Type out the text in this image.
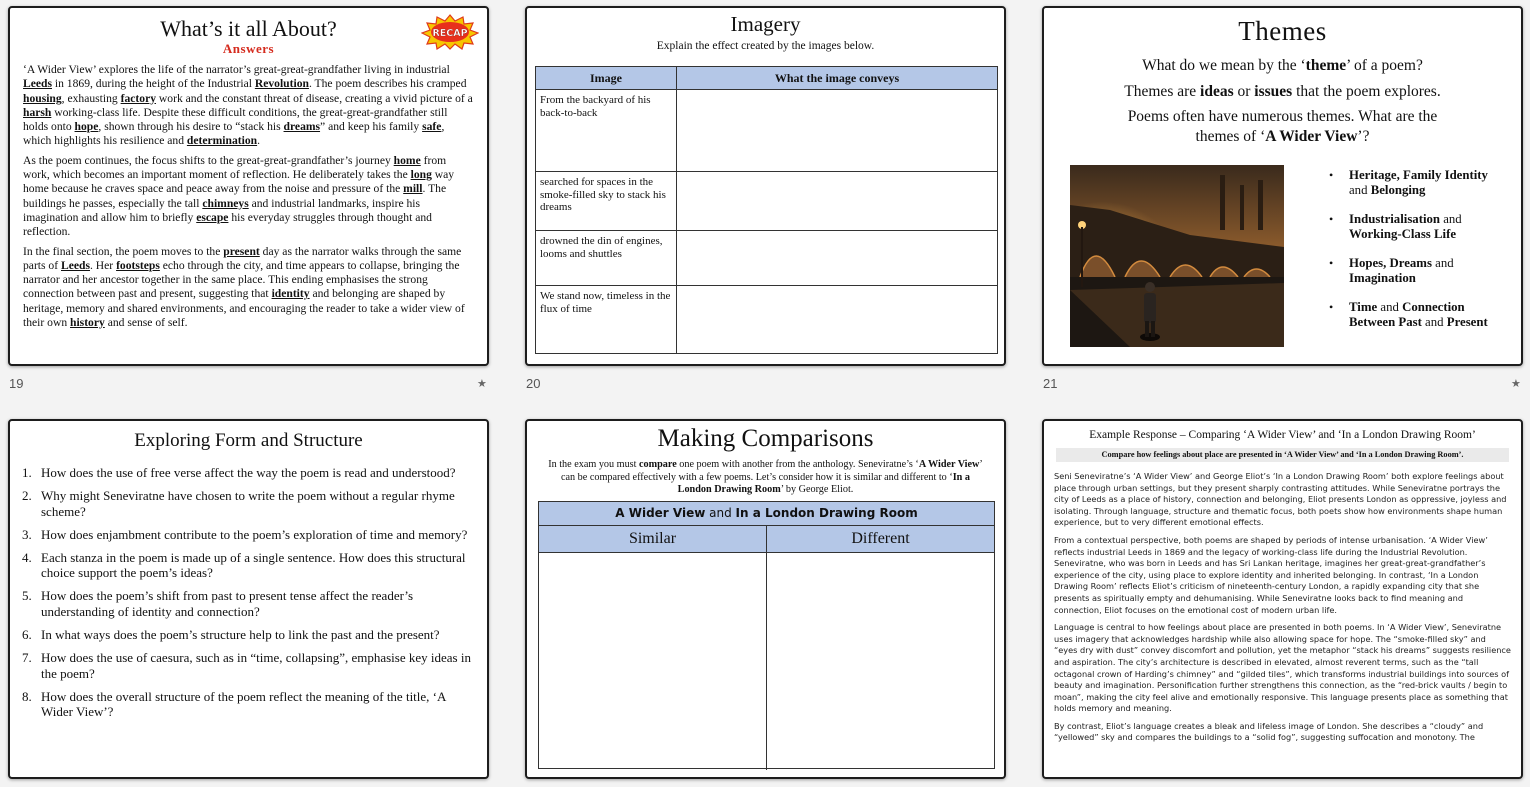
What’s it all About?
Answers
RECAP

‘A Wider View’ explores the life of the narrator’s great-great-grandfather living in industrial Leeds in 1869, during the height of the Industrial Revolution. The poem describes his cramped housing, exhausting factory work and the constant threat of disease, creating a vivid picture of a harsh working-class life. Despite these difficult conditions, the great-great-grandfather still holds onto hope, shown through his desire to “stack his dreams” and keep his family safe, which highlights his resilience and determination.

As the poem continues, the focus shifts to the great-great-grandfather’s journey home from work, which becomes an important moment of reflection. He deliberately takes the long way home because he craves space and peace away from the noise and pressure of the mill. The buildings he passes, especially the tall chimneys and industrial landmarks, inspire his imagination and allow him to briefly escape his everyday struggles through thought and reflection.

In the final section, the poem moves to the present day as the narrator walks through the same parts of Leeds. Her footsteps echo through the city, and time appears to collapse, bringing the narrator and her ancestor together in the same place. This ending emphasises the strong connection between past and present, suggesting that identity and belonging are shaped by heritage, memory and shared environments, and encouraging the reader to take a wider view of their own history and sense of self.

19	★
Imagery
Explain the effect created by the images below.
Image	What the image conveys
From the backyard of his back-to-back	
searched for spaces in the smoke-filled sky to stack his dreams	
drowned the din of engines, looms and shuttles	
We stand now, timeless in the flux of time	
20
Themes
What do we mean by the ‘theme’ of a poem?
Themes are ideas or issues that the poem explores.
Poems often have numerous themes. What are the themes of ‘A Wider View’?
• Heritage, Family Identity and Belonging
• Industrialisation and Working-Class Life
• Hopes, Dreams and Imagination
• Time and Connection Between Past and Present
21	★
Exploring Form and Structure
1. How does the use of free verse affect the way the poem is read and understood?
2. Why might Seneviratne have chosen to write the poem without a regular rhyme scheme?
3. How does enjambment contribute to the poem’s exploration of time and memory?
4. Each stanza in the poem is made up of a single sentence. How does this structural choice support the poem’s ideas?
5. How does the poem’s shift from past to present tense affect the reader’s understanding of identity and connection?
6. In what ways does the poem’s structure help to link the past and the present?
7. How does the use of caesura, such as in “time, collapsing”, emphasise key ideas in the poem?
8. How does the overall structure of the poem reflect the meaning of the title, ‘A Wider View’?
Making Comparisons
In the exam you must compare one poem with another from the anthology. Seneviratne’s ‘A Wider View’ can be compared effectively with a few poems. Let’s consider how it is similar and different to ‘In a London Drawing Room’ by George Eliot.
A Wider View and In a London Drawing Room
Similar	Different
Example Response – Comparing ‘A Wider View’ and ‘In a London Drawing Room’
Compare how feelings about place are presented in ‘A Wider View’ and ‘In a London Drawing Room’.

Seni Seneviratne’s ‘A Wider View’ and George Eliot’s ‘In a London Drawing Room’ both explore feelings about place through urban settings, but they present sharply contrasting attitudes. While Seneviratne portrays the city of Leeds as a place of history, connection and belonging, Eliot presents London as oppressive, joyless and isolating. Through language, structure and thematic focus, both poets show how environments shape human experience, but to very different emotional effects.

From a contextual perspective, both poems are shaped by periods of intense urbanisation. ‘A Wider View’ reflects industrial Leeds in 1869 and the legacy of working-class life during the Industrial Revolution. Seneviratne, who was born in Leeds and has Sri Lankan heritage, imagines her great-great-grandfather’s experience of the city, using place to explore identity and inherited belonging. In contrast, ‘In a London Drawing Room’ reflects Eliot’s criticism of nineteenth-century London, a rapidly expanding city that she presents as spiritually empty and dehumanising. While Seneviratne looks back to find meaning and connection, Eliot focuses on the emotional cost of modern urban life.

Language is central to how feelings about place are presented in both poems. In ‘A Wider View’, Seneviratne uses imagery that acknowledges hardship while also allowing space for hope. The “smoke-filled sky” and “eyes dry with dust” convey discomfort and pollution, yet the metaphor “stack his dreams” suggests resilience and aspiration. The city’s architecture is described in elevated, almost reverent terms, such as the “tall octagonal crown of Harding’s chimney” and “gilded tiles”, which transforms industrial buildings into sources of beauty and imagination. Personification further strengthens this connection, as the “red-brick vaults / begin to moan”, making the city feel alive and emotionally responsive. This language presents place as something that holds memory and meaning.

By contrast, Eliot’s language creates a bleak and lifeless image of London. She describes a “cloudy” and “yellowed” sky and compares the buildings to a “solid fog”, suggesting suffocation and monotony. The
